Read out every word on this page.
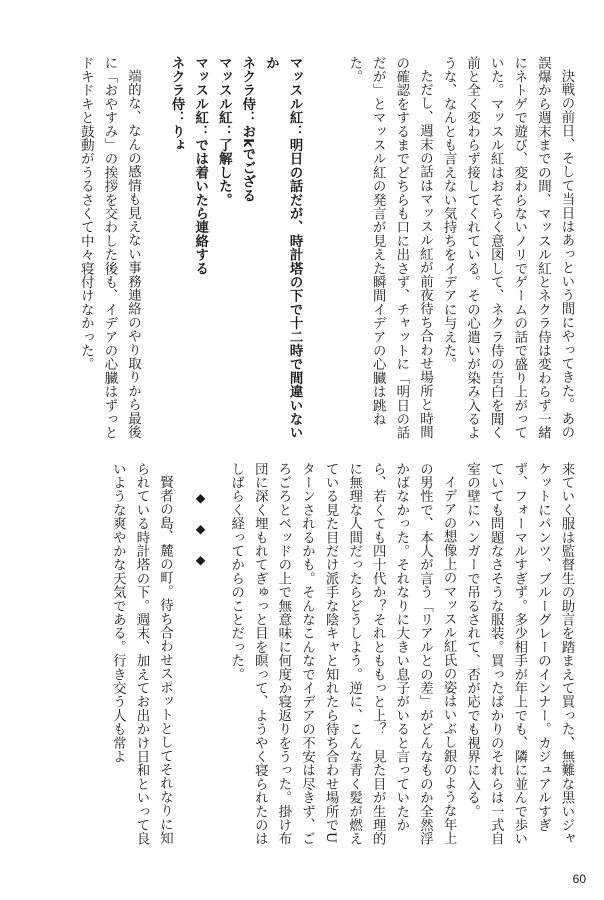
決戦の前日、そして当日はあっという間にやってきた。あの誤爆から週末までの間、マッスル紅とネクラ侍は変わらず一緒にネトゲで遊び、変わらないノリでゲームの話で盛り上がっていた。マッスル紅はおそらく意図して、ネクラ侍の告白を聞く前と全く変わらず接してくれている。その心遣いが染み入るような、なんとも言えない気持ちをイデアに与えた。

ただし、週末の話はマッスル紅が前夜待ち合わせ場所と時間の確認をするまでどちらも口に出さず、チャットに「明日の話だが」とマッスル紅の発言が見えた瞬間イデアの心臓は跳ねた。

マッスル紅：明日の話だが、時計塔の下で十二時で間違いないか

ネクラ侍：おkでござる

マッスル紅：了解した。

マッスル紅：では着いたら連絡する

ネクラ侍：りょ

端的な、なんの感情も見えない事務連絡のやり取りから最後に「おやすみ」の挨拶を交わした後も、イデアの心臓はずっとドキドキと鼓動がうるさくて中々寝付けなかった。

来ていく服は監督生の助言を踏まえて買った、無難な黒いジャケットにパンツ、ブルーグレーのインナー。カジュアルすぎず、フォーマルすぎず。多少相手が年上でも、隣に並んで歩いていても問題なさそうな服装。買ったばかりのそれらは一式自室の壁にハンガーで吊るされて、否が応でも視界に入る。

イデアの想像上のマッスル紅氏の姿はいぶし銀のような年上の男性で、本人が言う「リアルとの差」がどんなものか全然浮かばなかった。それなりに大きい息子がいると言っていたから、若くても四十代か？それとももっと上？　見た目が生理的に無理な人間だったらどうしよう。逆に、こんな青く髪が燃えている見た目だけ派手な陰キャと知れたら待ち合わせ場所でUターンされるかも。そんなこんなでイデアの不安は尽きず、ごろごろとベッドの上で無意味に何度か寝返りをうった。掛け布団に深く埋もれてぎゅっと目を瞑って、ようやく寝られたのはしばらく経ってからのことだった。

◆◆◆

賢者の島、麓の町。待ち合わせスポットとしてそれなりに知られている時計塔の下。週末、加えてお出かけ日和といって良いような爽やかな天気である。行き交う人も常よ

60
